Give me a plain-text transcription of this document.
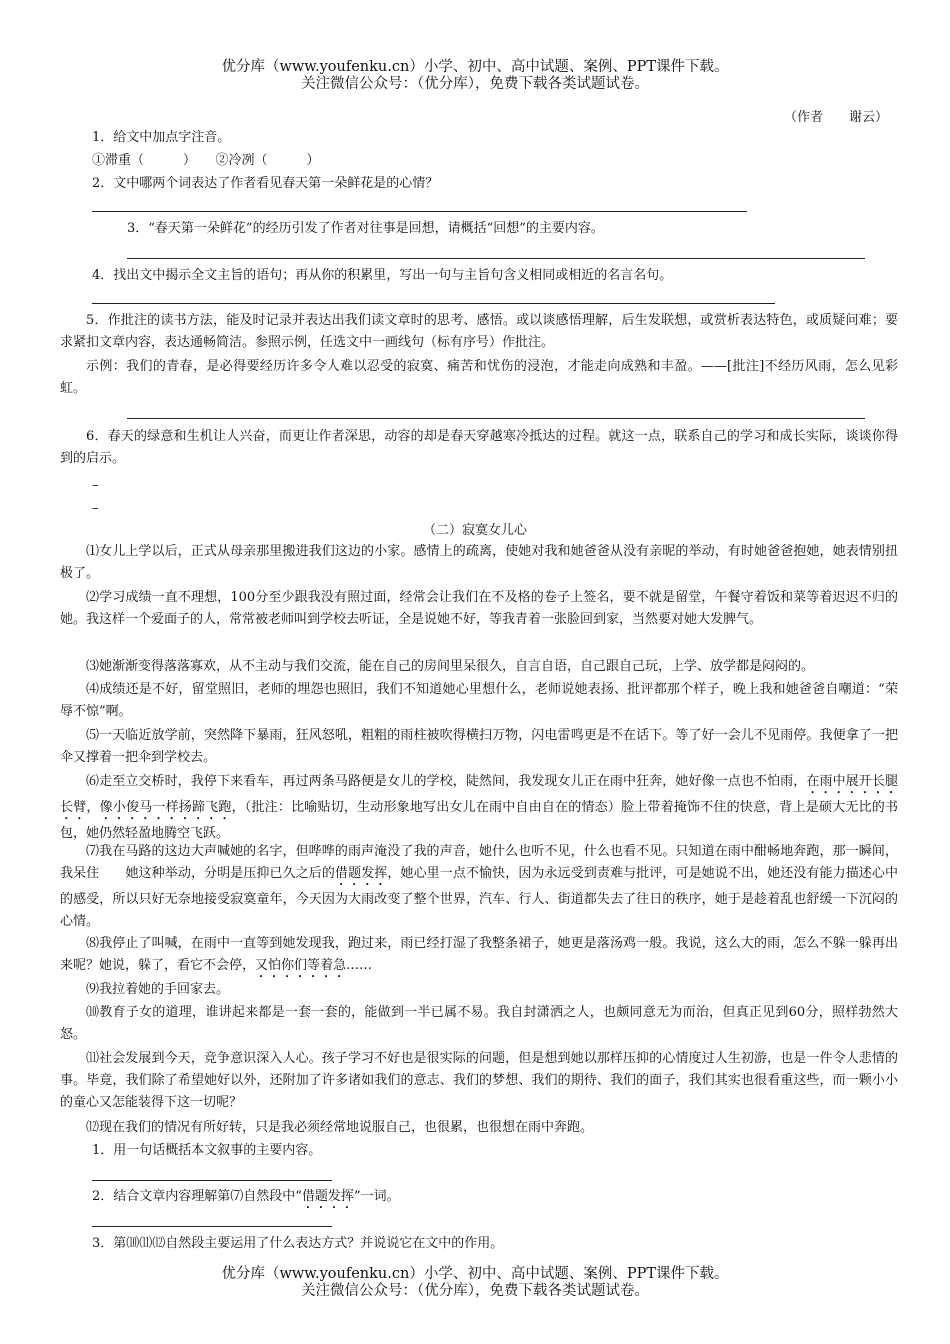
优分库（www.youfenku.cn）小学、初中、高中试题、案例、PPT课件下载。
关注微信公众号：（优分库），免费下载各类试题试卷。
（作者　　谢云）
1．给文中加点字注音。
①滞重（　　　）　　②冷冽（　　　）
2．文中哪两个词表达了作者看见春天第一朵鲜花是的心情？
3．“春天第一朵鲜花”的经历引发了作者对往事是回想，请概括“回想”的主要内容。
4．找出文中揭示全文主旨的语句；再从你的积累里，写出一句与主旨句含义相同或相近的名言名句。
5．作批注的读书方法，能及时记录并表达出我们读文章时的思考、感悟。或以谈感悟理解，后生发联想，或赏析表达特色，或质疑问难；要求紧扣文章内容，表达通畅简洁。参照示例，任选文中一画线句（标有序号）作批注。
示例：我们的青春，是必得要经历许多令人难以忍受的寂寞、痛苦和忧伤的浸泡，才能走向成熟和丰盈。——[批注]不经历风雨，怎么见彩虹。
6．春天的绿意和生机让人兴奋，而更让作者深思，动容的却是春天穿越寒冷抵达的过程。就这一点，联系自己的学习和成长实际，谈谈你得到的启示。
–
–
（二）寂寞女儿心
⑴女儿上学以后，正式从母亲那里搬进我们这边的小家。感情上的疏离，使她对我和她爸爸从没有亲昵的举动，有时她爸爸抱她，她表情别扭极了。
⑵学习成绩一直不理想，100分至少跟我没有照过面，经常会让我们在不及格的卷子上签名，要不就是留堂，午餐守着饭和菜等着迟迟不归的她。我这样一个爱面子的人，常常被老师叫到学校去听证，全是说她不好，等我青着一张脸回到家，当然要对她大发脾气。
⑶她渐渐变得落落寡欢，从不主动与我们交流，能在自己的房间里呆很久，自言自语，自己跟自己玩，上学、放学都是闷闷的。
⑷成绩还是不好，留堂照旧，老师的埋怨也照旧，我们不知道她心里想什么，老师说她表扬、批评都那个样子，晚上我和她爸爸自嘲道：“荣辱不惊”啊。
⑸一天临近放学前，突然降下暴雨，狂风怒吼，粗粗的雨柱被吹得横扫万物，闪电雷鸣更是不在话下。等了好一会儿不见雨停。我便拿了一把伞又撑着一把伞到学校去。
⑹走至立交桥时，我停下来看车，再过两条马路便是女儿的学校，陡然间，我发现女儿正在雨中狂奔，她好像一点也不怕雨，在雨中展开长腿长臂，像小俊马一样扬蹄飞跑，（批注：比喻贴切，生动形象地写出女儿在雨中自由自在的情态）脸上带着掩饰不住的快意，背上是硕大无比的书包，她仍然轻盈地腾空飞跃。
⑺我在马路的这边大声喊她的名字，但哗哗的雨声淹没了我的声音，她什么也听不见，什么也看不见。只知道在雨中酣畅地奔跑，那一瞬间，我呆住　　她这种举动，分明是压抑已久之后的借题发挥，她心里一点不愉快，因为永远受到责难与批评，可是她说不出，她还没有能力描述心中的感受，所以只好无奈地接受寂寞童年，今天因为大雨改变了整个世界，汽车、行人、街道都失去了往日的秩序，她于是趁着乱也舒缓一下沉闷的心情。
⑻我停止了叫喊，在雨中一直等到她发现我，跑过来，雨已经打湿了我整条裙子，她更是落汤鸡一般。我说，这么大的雨，怎么不躲一躲再出来呢？她说，躲了，看它不会停，又怕你们等着急……
⑼我拉着她的手回家去。
⑽教育子女的道理，谁讲起来都是一套一套的，能做到一半已属不易。我自封潇洒之人，也颇同意无为而治，但真正见到60分，照样勃然大怒。
⑾社会发展到今天，竞争意识深入人心。孩子学习不好也是很实际的问题，但是想到她以那样压抑的心情度过人生初游，也是一件令人悲情的事。毕竟，我们除了希望她好以外，还附加了许多诸如我们的意志、我们的梦想、我们的期待、我们的面子，我们其实也很看重这些，而一颗小小的童心又怎能装得下这一切呢？
⑿现在我们的情况有所好转，只是我必须经常地说服自己，也很累，也很想在雨中奔跑。
1．用一句话概括本文叙事的主要内容。
2．结合文章内容理解第⑺自然段中“借题发挥”一词。
3．第⑽⑾⑿自然段主要运用了什么表达方式？并说说它在文中的作用。
优分库（www.youfenku.cn）小学、初中、高中试题、案例、PPT课件下载。
关注微信公众号：（优分库），免费下载各类试题试卷。
